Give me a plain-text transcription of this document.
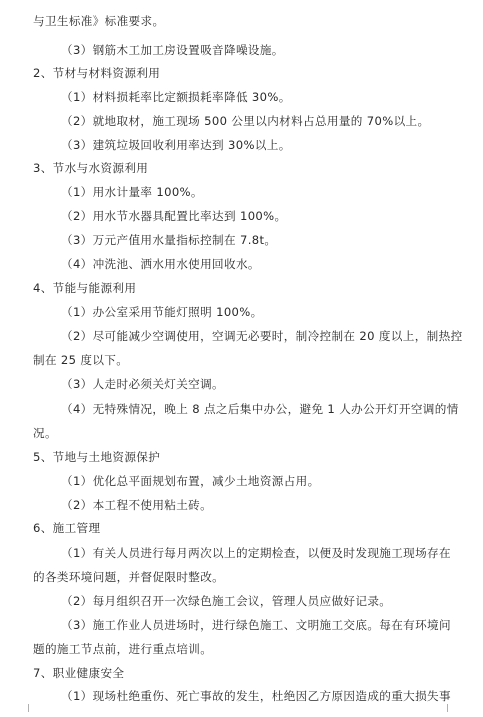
与卫生标准》标准要求。
（3）钢筋木工加工房设置吸音降噪设施。
2、节材与材料资源利用
（1）材料损耗率比定额损耗率降低 30%。
（2）就地取材，施工现场 500 公里以内材料占总用量的 70%以上。
（3）建筑垃圾回收利用率达到 30%以上。
3、节水与水资源利用
（1）用水计量率 100%。
（2）用水节水器具配置比率达到 100%。
（3）万元产值用水量指标控制在 7.8t。
（4）冲洗池、洒水用水使用回收水。
4、节能与能源利用
（1）办公室采用节能灯照明 100%。
（2）尽可能减少空调使用，空调无必要时，制冷控制在 20 度以上，制热控
制在 25 度以下。
（3）人走时必须关灯关空调。
（4）无特殊情况，晚上 8 点之后集中办公，避免 1 人办公开灯开空调的情
况。
5、节地与土地资源保护
（1）优化总平面规划布置，减少土地资源占用。
（2）本工程不使用粘土砖。
6、施工管理
（1）有关人员进行每月两次以上的定期检查，以便及时发现施工现场存在
的各类环境问题，并督促限时整改。
（2）每月组织召开一次绿色施工会议，管理人员应做好记录。
（3）施工作业人员进场时，进行绿色施工、文明施工交底。每在有环境问
题的施工节点前，进行重点培训。
7、职业健康安全
（1）现场杜绝重伤、死亡事故的发生，杜绝因乙方原因造成的重大损失事
